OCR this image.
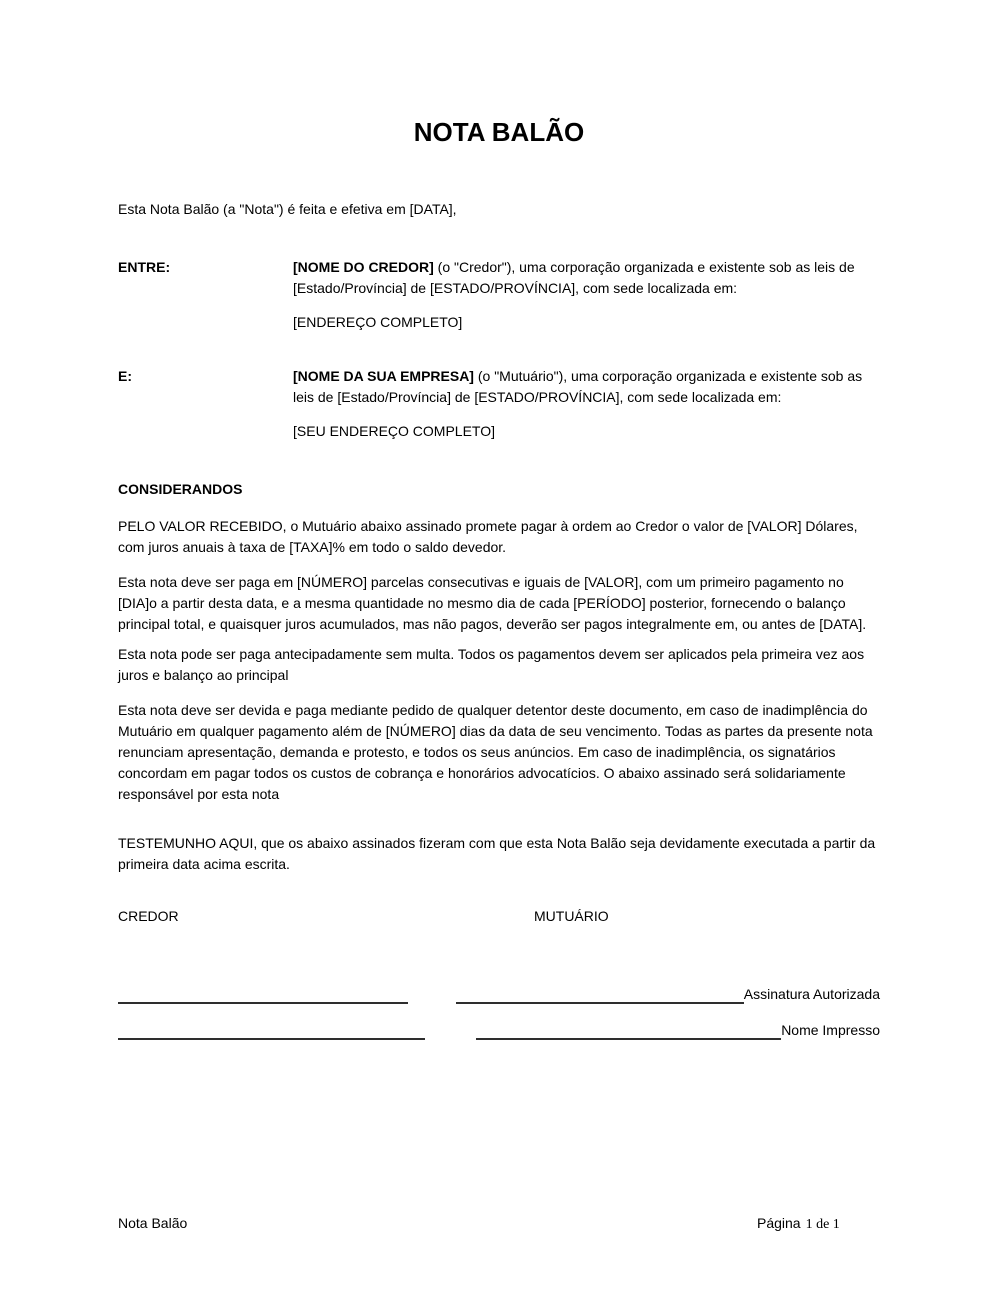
NOTA BALÃO

Esta Nota Balão (a "Nota") é feita e efetiva em [DATA],

ENTRE:	[NOME DO CREDOR] (o "Credor"), uma corporação organizada e existente sob as leis de [Estado/Província] de [ESTADO/PROVÍNCIA], com sede localizada em:

[ENDEREÇO COMPLETO]

E:	[NOME DA SUA EMPRESA] (o "Mutuário"), uma corporação organizada e existente sob as leis de [Estado/Província] de [ESTADO/PROVÍNCIA], com sede localizada em:

[SEU ENDEREÇO COMPLETO]

CONSIDERANDOS

PELO VALOR RECEBIDO, o Mutuário abaixo assinado promete pagar à ordem ao Credor o valor de [VALOR] Dólares, com juros anuais à taxa de [TAXA]% em todo o saldo devedor.

Esta nota deve ser paga em [NÚMERO] parcelas consecutivas e iguais de [VALOR], com um primeiro pagamento no [DIA]o a partir desta data, e a mesma quantidade no mesmo dia de cada [PERÍODO] posterior, fornecendo o balanço principal total, e quaisquer juros acumulados, mas não pagos, deverão ser pagos integralmente em, ou antes de [DATA].

Esta nota pode ser paga antecipadamente sem multa. Todos os pagamentos devem ser aplicados pela primeira vez aos juros e balanço ao principal

Esta nota deve ser devida e paga mediante pedido de qualquer detentor deste documento, em caso de inadimplência do Mutuário em qualquer pagamento além de [NÚMERO] dias da data de seu vencimento. Todas as partes da presente nota renunciam apresentação, demanda e protesto, e todos os seus anúncios. Em caso de inadimplência, os signatários concordam em pagar todos os custos de cobrança e honorários advocatícios. O abaixo assinado será solidariamente responsável por esta nota

TESTEMUNHO AQUI, que os abaixo assinados fizeram com que esta Nota Balão seja devidamente executada a partir da primeira data acima escrita.

CREDOR	MUTUÁRIO
Assinatura Autorizada
Nome Impresso
Nota Balão	Página 1 de 1
